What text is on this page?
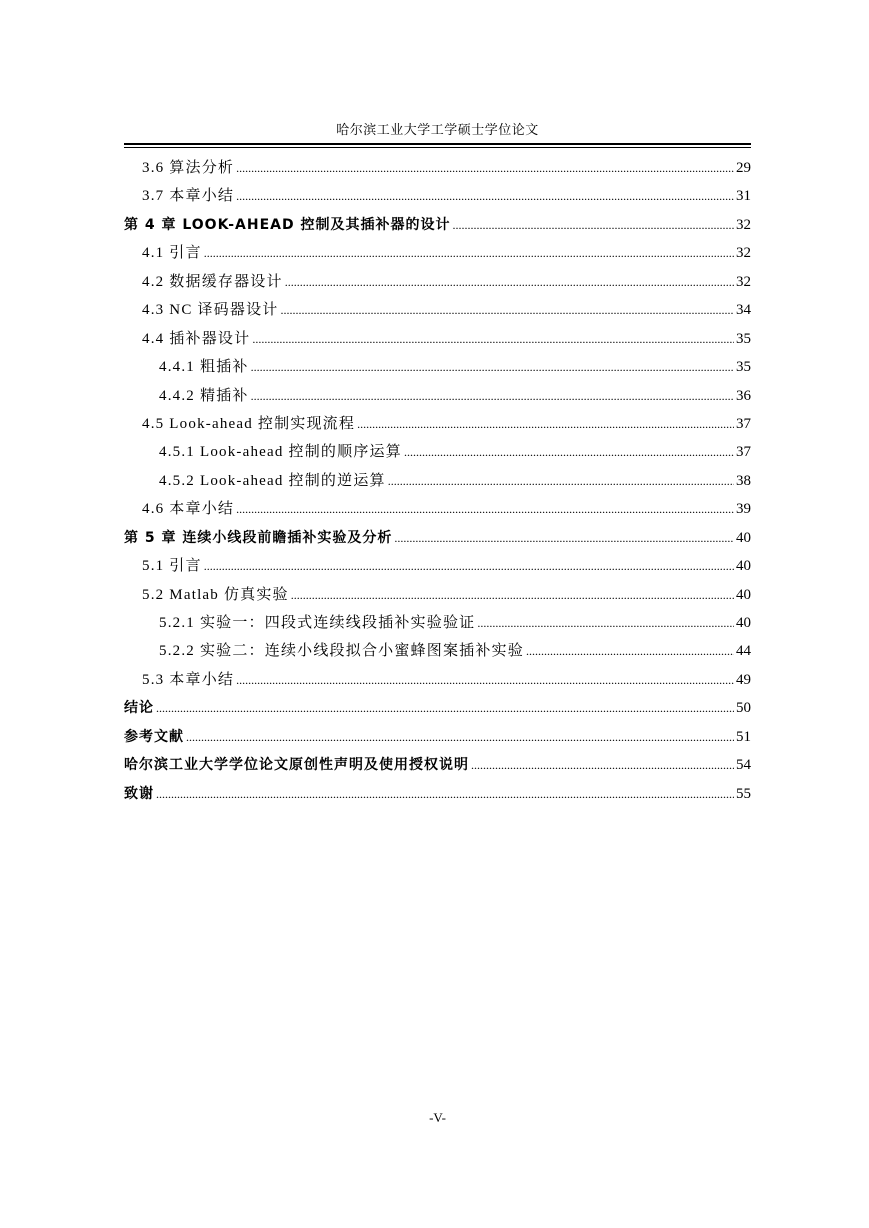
哈尔滨工业大学工学硕士学位论文
3.6 算法分析 .....	29
3.7 本章小结 .....	31
第 4 章 LOOK-AHEAD 控制及其插补器的设计 .....	32
4.1 引言 .....	32
4.2 数据缓存器设计 .....	32
4.3 NC 译码器设计 .....	34
4.4 插补器设计 .....	35
4.4.1 粗插补 .....	35
4.4.2 精插补 .....	36
4.5 Look-ahead 控制实现流程 .....	37
4.5.1 Look-ahead 控制的顺序运算 .....	37
4.5.2 Look-ahead 控制的逆运算 .....	38
4.6 本章小结 .....	39
第 5 章 连续小线段前瞻插补实验及分析 .....	40
5.1 引言 .....	40
5.2 Matlab 仿真实验 .....	40
5.2.1 实验一：四段式连续线段插补实验验证 .....	40
5.2.2 实验二：连续小线段拟合小蜜蜂图案插补实验 .....	44
5.3 本章小结 .....	49
结论 .....	50
参考文献 .....	51
哈尔滨工业大学学位论文原创性声明及使用授权说明 .....	54
致谢 .....	55
-V-
